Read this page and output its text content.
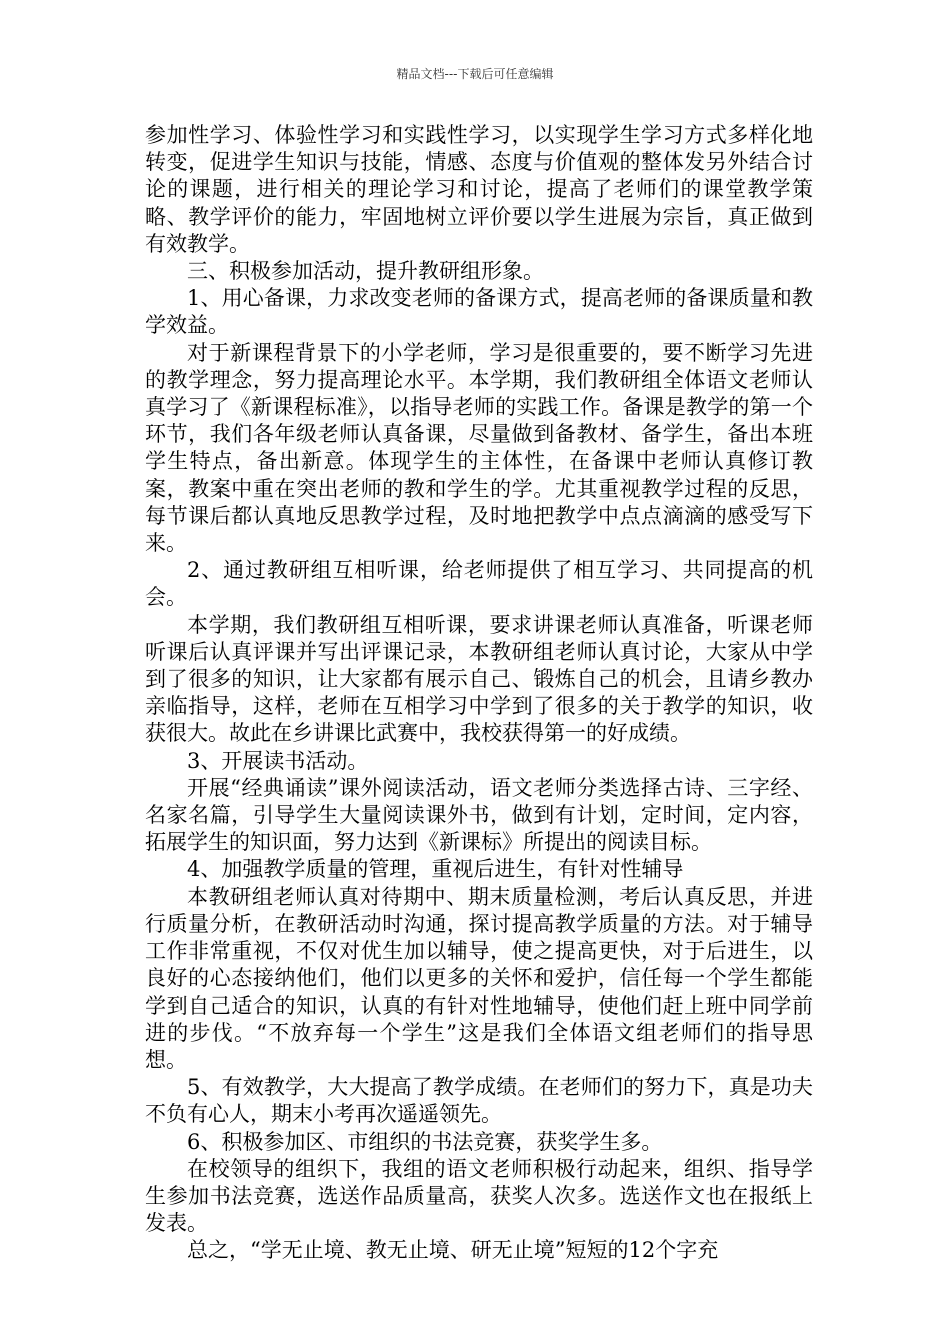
精品文档---下载后可任意编辑

参加性学习、体验性学习和实践性学习，以实现学生学习方式多样化地转变，促进学生知识与技能，情感、态度与价值观的整体发另外结合讨论的课题，进行相关的理论学习和讨论，提高了老师们的课堂教学策略、教学评价的能力，牢固地树立评价要以学生进展为宗旨，真正做到有效教学。

三、积极参加活动，提升教研组形象。

1、用心备课，力求改变老师的备课方式，提高老师的备课质量和教学效益。

对于新课程背景下的小学老师，学习是很重要的，要不断学习先进的教学理念，努力提高理论水平。本学期，我们教研组全体语文老师认真学习了《新课程标准》，以指导老师的实践工作。备课是教学的第一个环节，我们各年级老师认真备课，尽量做到备教材、备学生，备出本班学生特点，备出新意。体现学生的主体性，在备课中老师认真修订教案，教案中重在突出老师的教和学生的学。尤其重视教学过程的反思，每节课后都认真地反思教学过程，及时地把教学中点点滴滴的感受写下来。

2、通过教研组互相听课，给老师提供了相互学习、共同提高的机会。

本学期，我们教研组互相听课，要求讲课老师认真准备，听课老师听课后认真评课并写出评课记录，本教研组老师认真讨论，大家从中学到了很多的知识，让大家都有展示自己、锻炼自己的机会，且请乡教办亲临指导，这样，老师在互相学习中学到了很多的关于教学的知识，收获很大。故此在乡讲课比武赛中，我校获得第一的好成绩。

3、开展读书活动。

开展“经典诵读”课外阅读活动，语文老师分类选择古诗、三字经、名家名篇，引导学生大量阅读课外书，做到有计划，定时间，定内容，拓展学生的知识面，努力达到《新课标》所提出的阅读目标。

4、加强教学质量的管理，重视后进生，有针对性辅导

本教研组老师认真对待期中、期末质量检测，考后认真反思，并进行质量分析，在教研活动时沟通，探讨提高教学质量的方法。对于辅导工作非常重视，不仅对优生加以辅导，使之提高更快，对于后进生，以良好的心态接纳他们，他们以更多的关怀和爱护，信任每一个学生都能学到自己适合的知识，认真的有针对性地辅导，使他们赶上班中同学前进的步伐。“不放弃每一个学生”这是我们全体语文组老师们的指导思想。

5、有效教学，大大提高了教学成绩。在老师们的努力下，真是功夫不负有心人，期末小考再次遥遥领先。

6、积极参加区、市组织的书法竞赛，获奖学生多。

在校领导的组织下，我组的语文老师积极行动起来，组织、指导学生参加书法竞赛，选送作品质量高，获奖人次多。选送作文也在报纸上发表。

总之，“学无止境、教无止境、研无止境”短短的12个字充
